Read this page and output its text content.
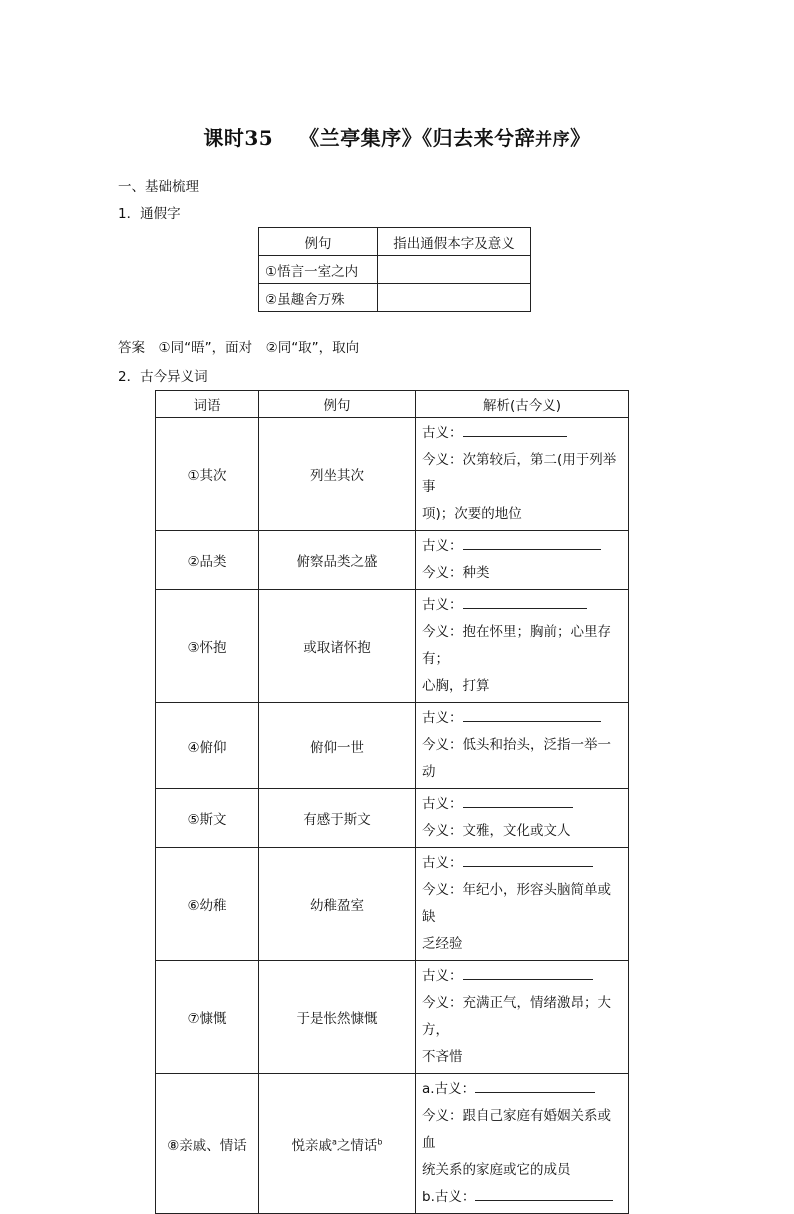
课时35 《兰亭集序》《归去来兮辞并序》
一、基础梳理
1．通假字
例句	指出通假本字及意义
①悟言一室之内	
②虽趣舍万殊	
答案　①同“晤”，面对　②同“取”，取向
2．古今异义词
词语	例句	解析(古今义)
①其次	列坐其次	古义：
今义：次第较后，第二(用于列举事
项)；次要的地位

②品类	俯察品类之盛	古义：
今义：种类

③怀抱	或取诸怀抱	古义：
今义：抱在怀里；胸前；心里存有；
心胸，打算

④俯仰	俯仰一世	古义：
今义：低头和抬头，泛指一举一动

⑤斯文	有感于斯文	古义：
今义：文雅，文化或文人

⑥幼稚	幼稚盈室	古义：
今义：年纪小，形容头脑简单或缺
乏经验

⑦慷慨	于是怅然慷慨	古义：
今义：充满正气，情绪激昂；大方，
不吝惜

⑧亲戚、情话	悦亲戚$^a$之情话$^b$	a.古义：
今义：跟自己家庭有婚姻关系或血
统关系的家庭或它的成员
b.古义：
